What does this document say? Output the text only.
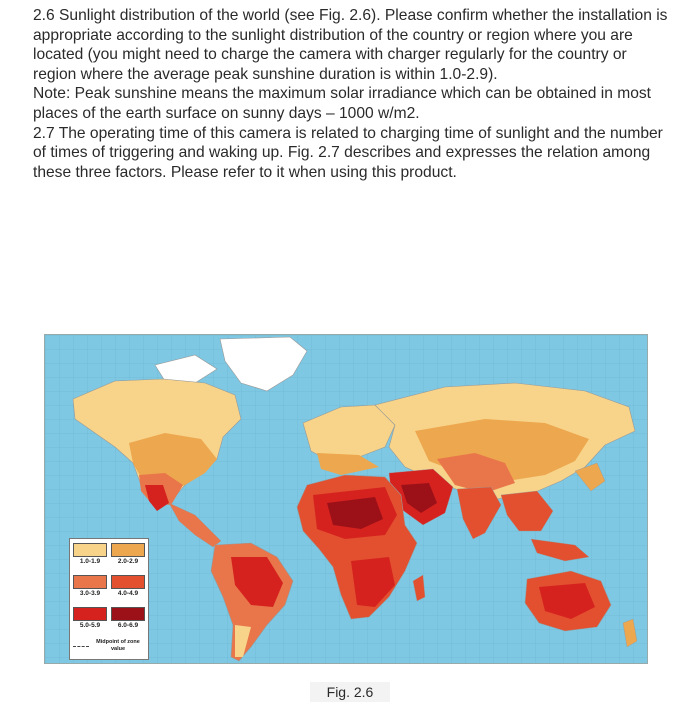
2.6 Sunlight distribution of the world (see Fig. 2.6). Please confirm whether the installation is appropriate according to the sunlight distribution of the country or region where you are located (you might need to charge the camera with charger regularly for the country or region where the average peak sunshine duration is within 1.0-2.9).

Note: Peak sunshine means the maximum solar irradiance which can be obtained in most places of the earth surface on sunny days – 1000 w/m2.

2.7 The operating time of this camera is related to charging time of sunlight and the number of times of triggering and waking up. Fig. 2.7 describes and expresses the relation among these three factors. Please refer to it when using this product.

1.0-1.9	2.0-2.9
3.0-3.9	4.0-4.9
5.0-5.9	6.0-6.9
Midpoint of zone value
Fig. 2.6
